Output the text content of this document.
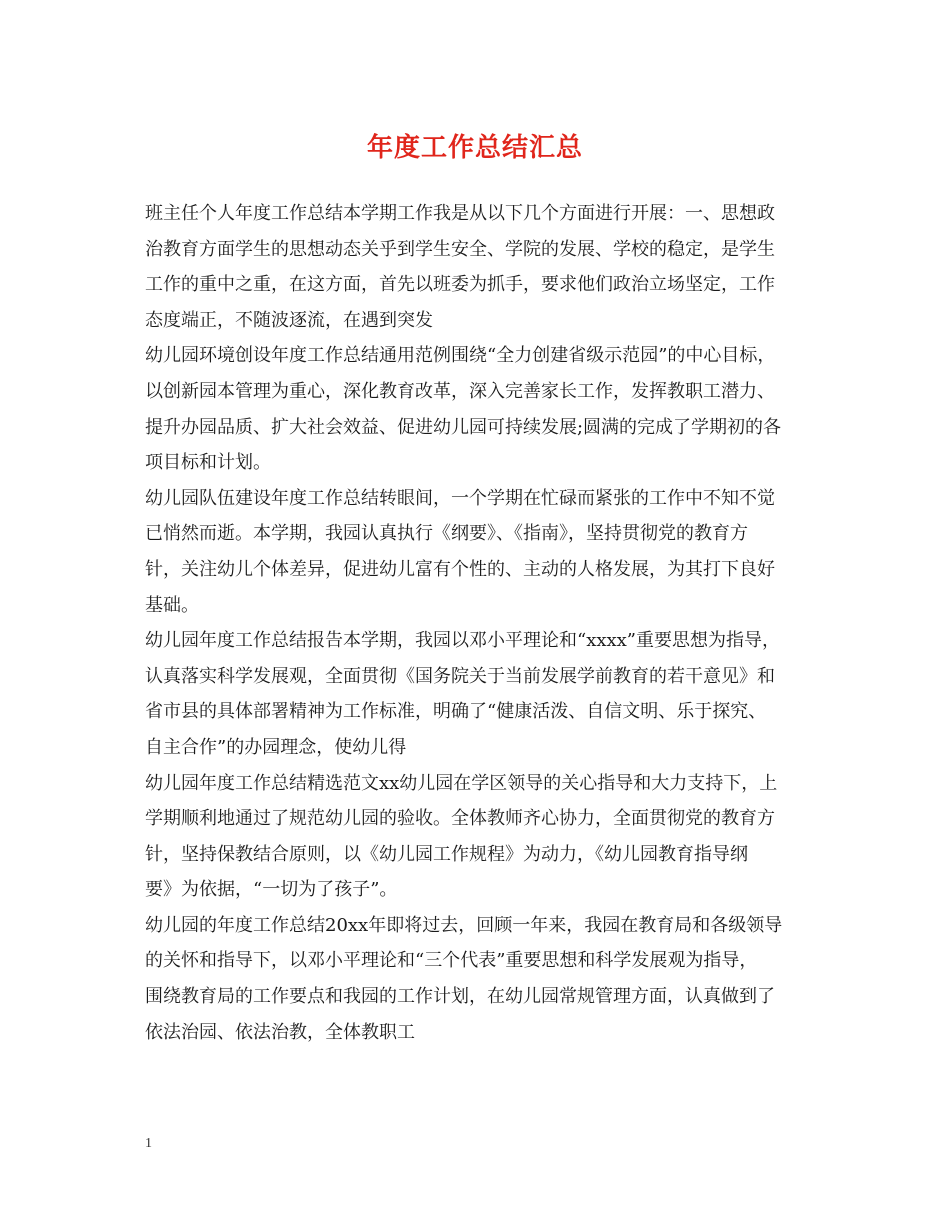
年度工作总结汇总

班主任个人年度工作总结本学期工作我是从以下几个方面进行开展：一、思想政
治教育方面学生的思想动态关乎到学生安全、学院的发展、学校的稳定，是学生
工作的重中之重，在这方面，首先以班委为抓手，要求他们政治立场坚定，工作
态度端正，不随波逐流，在遇到突发

幼儿园环境创设年度工作总结通用范例围绕“全力创建省级示范园”的中心目标，
以创新园本管理为重心，深化教育改革，深入完善家长工作，发挥教职工潜力、
提升办园品质、扩大社会效益、促进幼儿园可持续发展;圆满的完成了学期初的各
项目标和计划。

幼儿园队伍建设年度工作总结转眼间，一个学期在忙碌而紧张的工作中不知不觉
已悄然而逝。本学期，我园认真执行《纲要》、《指南》，坚持贯彻党的教育方
针，关注幼儿个体差异，促进幼儿富有个性的、主动的人格发展，为其打下良好
基础。

幼儿园年度工作总结报告本学期，我园以邓小平理论和“xxxx”重要思想为指导，
认真落实科学发展观，全面贯彻《国务院关于当前发展学前教育的若干意见》和
省市县的具体部署精神为工作标准，明确了“健康活泼、自信文明、乐于探究、
自主合作”的办园理念，使幼儿得

幼儿园年度工作总结精选范文xx幼儿园在学区领导的关心指导和大力支持下，上
学期顺利地通过了规范幼儿园的验收。全体教师齐心协力，全面贯彻党的教育方
针，坚持保教结合原则，以《幼儿园工作规程》为动力，《幼儿园教育指导纲
要》为依据，“一切为了孩子”。

幼儿园的年度工作总结20xx年即将过去，回顾一年来，我园在教育局和各级领导
的关怀和指导下，以邓小平理论和“三个代表”重要思想和科学发展观为指导，
围绕教育局的工作要点和我园的工作计划，在幼儿园常规管理方面，认真做到了
依法治园、依法治教，全体教职工

1
